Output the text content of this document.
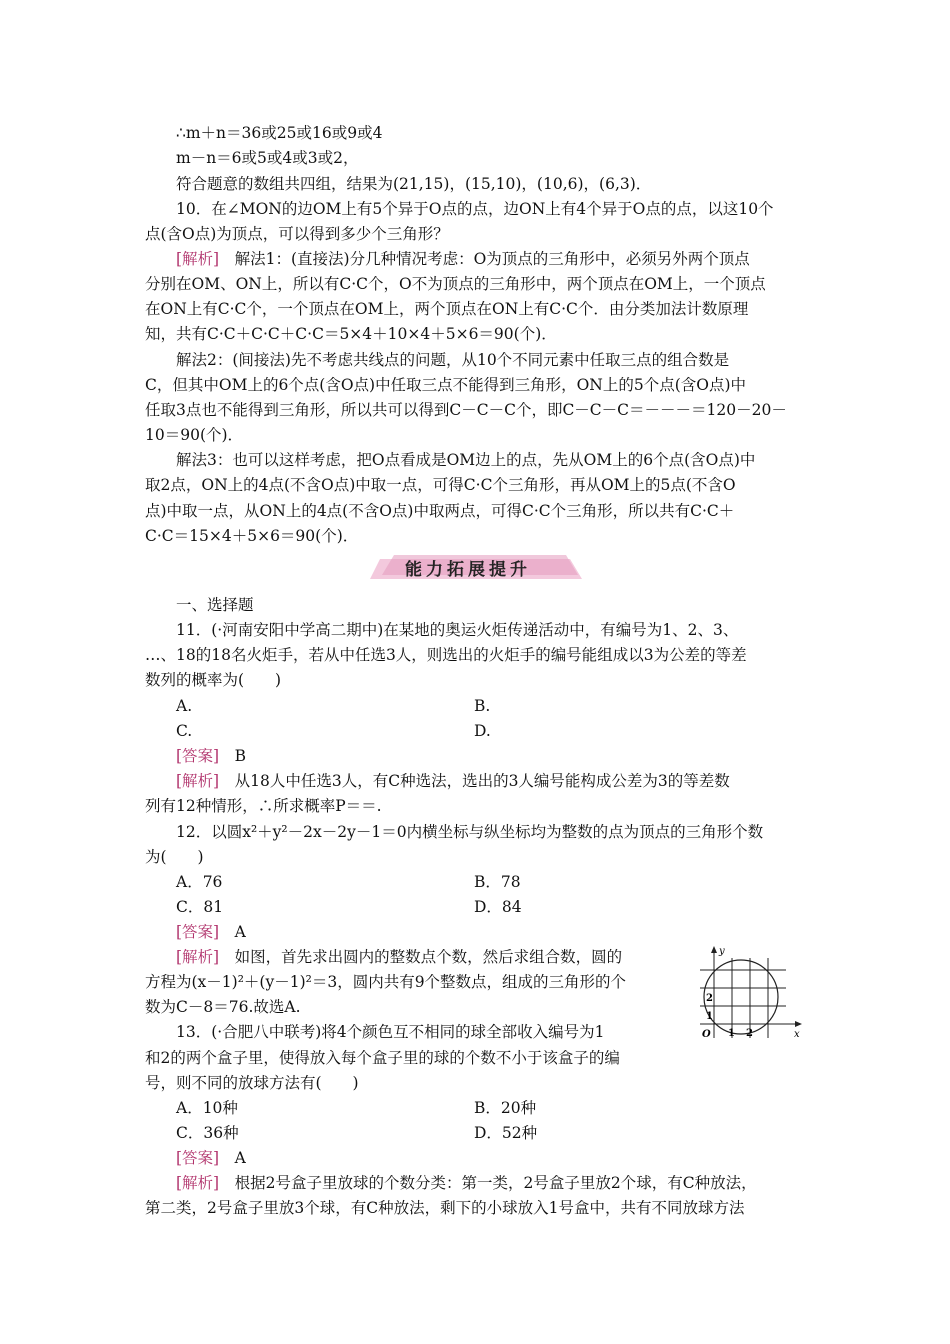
∴m＋n＝36或25或16或9或4
m－n＝6或5或4或3或2，
符合题意的数组共四组，结果为(21,15)，(15,10)，(10,6)，(6,3)．
10．在∠MON的边OM上有5个异于O点的点，边ON上有4个异于O点的点，以这10个
点(含O点)为顶点，可以得到多少个三角形？
[解析]　 解法1：(直接法)分几种情况考虑：O为顶点的三角形中，必须另外两个顶点
分别在OM、ON上，所以有C·C个，O不为顶点的三角形中，两个顶点在OM上，一个顶点
在ON上有C·C个，一个顶点在OM上，两个顶点在ON上有C·C个．由分类加法计数原理
知，共有C·C＋C·C＋C·C＝5×4＋10×4＋5×6＝90(个)．
解法2：(间接法)先不考虑共线点的问题，从10个不同元素中任取三点的组合数是
C，但其中OM上的6个点(含O点)中任取三点不能得到三角形，ON上的5个点(含O点)中
任取3点也不能得到三角形，所以共可以得到C－C－C个，即C－C－C＝－－－＝120－20－
10＝90(个)．
解法3：也可以这样考虑，把O点看成是OM边上的点，先从OM上的6个点(含O点)中
取2点，ON上的4点(不含O点)中取一点，可得C·C个三角形，再从OM上的5点(不含O
点)中取一点，从ON上的4点(不含O点)中取两点，可得C·C个三角形，所以共有C·C＋
C·C＝15×4＋5×6＝90(个)．
能力拓展提升
一、选择题
11．(·河南安阳中学高二期中)在某地的奥运火炬传递活动中，有编号为1、2、3、
…、18的18名火炬手，若从中任选3人，则选出的火炬手的编号能组成以3为公差的等差
数列的概率为(　　)
A.	B.
C.	D.
[答案]　 B
[解析]　 从18人中任选3人，有C种选法，选出的3人编号能构成公差为3的等差数
列有12种情形，∴所求概率P＝＝.
12．以圆x²＋y²－2x－2y－1＝0内横坐标与纵坐标均为整数的点为顶点的三角形个数
为(　　)
A．76	B．78
C．81	D．84
[答案]　 A
[解析]　 如图，首先求出圆内的整数点个数，然后求组合数，圆的
方程为(x－1)²＋(y－1)²＝3，圆内共有9个整数点，组成的三角形的个
数为C－8＝76.故选A.
y
x
O 1 2
1
2
13．(·合肥八中联考)将4个颜色互不相同的球全部收入编号为1
和2的两个盒子里，使得放入每个盒子里的球的个数不小于该盒子的编
号，则不同的放球方法有(　　)
A．10种	B．20种
C．36种	D．52种
[答案]　 A
[解析]　 根据2号盒子里放球的个数分类：第一类，2号盒子里放2个球，有C种放法，
第二类，2号盒子里放3个球，有C种放法，剩下的小球放入1号盒中，共有不同放球方法
